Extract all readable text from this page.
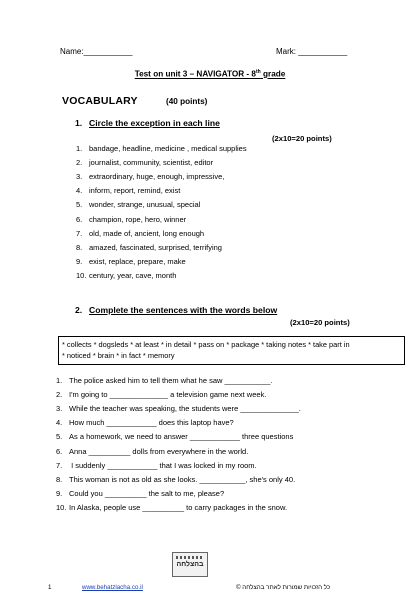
Name:___________	Mark: ___________
Test on unit 3 – NAVIGATOR - 8th grade
VOCABULARY	(40 points)
1. Circle the exception in each line
(2x10=20 points)
1. bandage, headline, medicine , medical supplies
2. journalist, community, scientist, editor
3. extraordinary, huge, enough, impressive,
4. inform, report, remind, exist
5. wonder, strange, unusual, special
6. champion, rope, hero, winner
7. old, made of, ancient, long enough
8. amazed, fascinated, surprised, terrifying
9. exist, replace, prepare, make
10. century, year, cave, month
2. Complete the sentences with the words below
(2x10=20 points)
* collects * dogsleds * at least * in detail * pass on * package * taking notes * take part in
* noticed * brain * in fact * memory
1. The police asked him to tell them what he saw ___________.
2. I'm going to ______________ a television game next week.
3. While the teacher was speaking, the students were ______________.
4. How much ____________ does this laptop have?
5. As a homework, we need to answer ____________ three questions
6. Anna __________ dolls from everywhere in the world.
7. I suddenly ____________ that I was locked in my room.
8. This woman is not as old as she looks. ___________, she's only 40.
9. Could you __________ the salt to me, please?
10. In Alaska, people use __________ to carry packages in the snow.
בהצלחה
1	www.behatzlacha.co.il	כל הזכויות שמורות לאתר בהצלחה ©
